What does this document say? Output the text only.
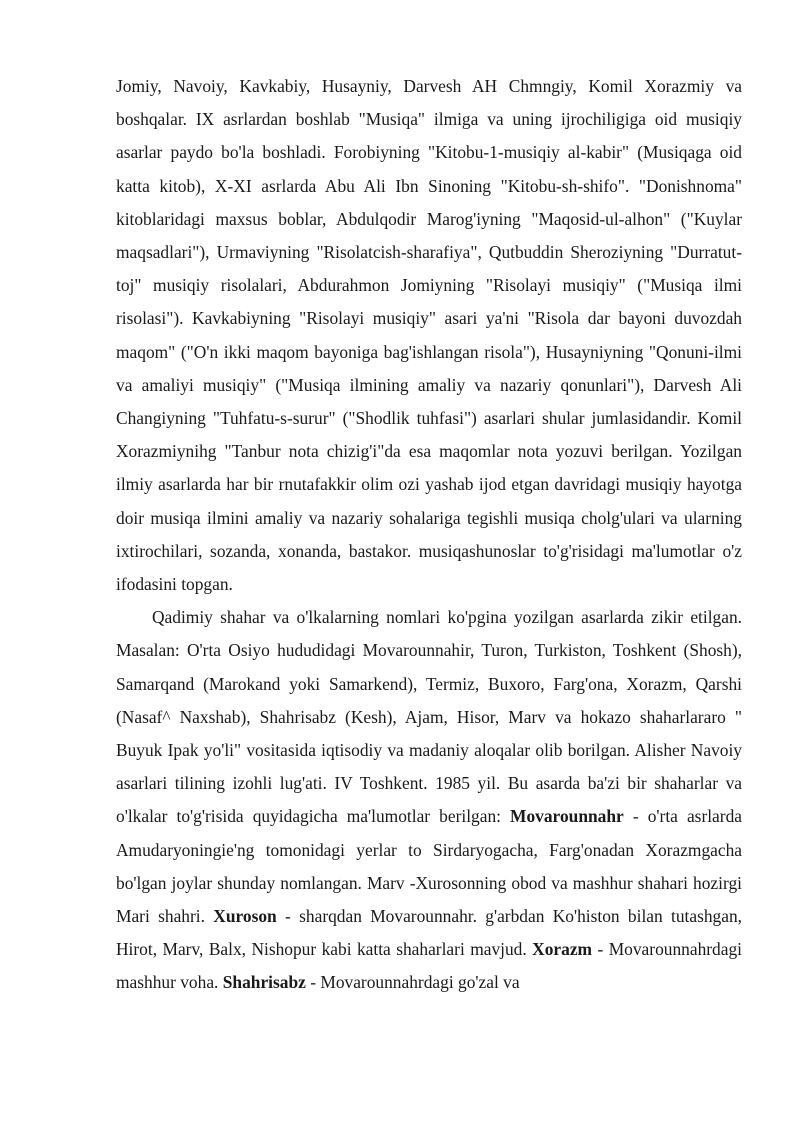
Jomiy, Navoiy, Kavkabiy, Husayniy, Darvesh AH Chmngiy, Komil Xorazmiy va boshqalar. IX asrlardan boshlab "Musiqa" ilmiga va uning ijrochiligiga oid musiqiy asarlar paydo bo'la boshladi. Forobiyning "Kitobu-1-musiqiy al-kabir" (Musiqaga oid katta kitob), X-XI asrlarda Abu Ali Ibn Sinoning "Kitobu-sh-shifo". "Donishnoma" kitoblaridagi maxsus boblar, Abdulqodir Marog'iyning "Maqosid-ul-alhon" ("Kuylar maqsadlari"), Urmaviyning "Risolatcish-sharafiya", Qutbuddin Sheroziyning "Durratut-toj" musiqiy risolalari, Abdurahmon Jomiyning "Risolayi musiqiy" ("Musiqa ilmi risolasi"). Kavkabiyning "Risolayi musiqiy" asari ya'ni "Risola dar bayoni duvozdah maqom" ("O'n ikki maqom bayoniga bag'ishlangan risola"), Husayniyning "Qonuni-ilmi va amaliyi musiqiy" ("Musiqa ilmining amaliy va nazariy qonunlari"), Darvesh Ali Changiyning "Tuhfatu-s-surur" ("Shodlik tuhfasi") asarlari shular jumlasidandir. Komil Xorazmiynihg "Tanbur nota chizig'i"da esa maqomlar nota yozuvi berilgan. Yozilgan ilmiy asarlarda har bir rnutafakkir olim ozi yashab ijod etgan davridagi musiqiy hayotga doir musiqa ilmini amaliy va nazariy sohalariga tegishli musiqa cholg'ulari va ularning ixtirochilari, sozanda, xonanda, bastakor. musiqashunoslar to'g'risidagi ma'lumotlar o'z ifodasini topgan.

Qadimiy shahar va o'lkalarning nomlari ko'pgina yozilgan asarlarda zikir etilgan. Masalan: O'rta Osiyo hududidagi Movarounnahir, Turon, Turkiston, Toshkent (Shosh), Samarqand (Marokand yoki Samarkend), Termiz, Buxoro, Farg'ona, Xorazm, Qarshi (Nasaf^ Naxshab), Shahrisabz (Kesh), Ajam, Hisor, Marv va hokazo shaharlararo " Buyuk Ipak yo'li" vositasida iqtisodiy va madaniy aloqalar olib borilgan. Alisher Navoiy asarlari tilining izohli lug'ati. IV Toshkent. 1985 yil. Bu asarda ba'zi bir shaharlar va o'lkalar to'g'risida quyidagicha ma'lumotlar berilgan: Movarounnahr - o'rta asrlarda Amudaryoningie'ng tomonidagi yerlar to Sirdaryogacha, Farg'onadan Xorazmgacha bo'lgan joylar shunday nomlangan. Marv -Xurosonning obod va mashhur shahari hozirgi Mari shahri. Xuroson - sharqdan Movarounnahr. g'arbdan Ko'histon bilan tutashgan, Hirot, Marv, Balx, Nishopur kabi katta shaharlari mavjud. Xorazm - Movarounnahrdagi mashhur voha. Shahrisabz - Movarounnahrdagi go'zal va
